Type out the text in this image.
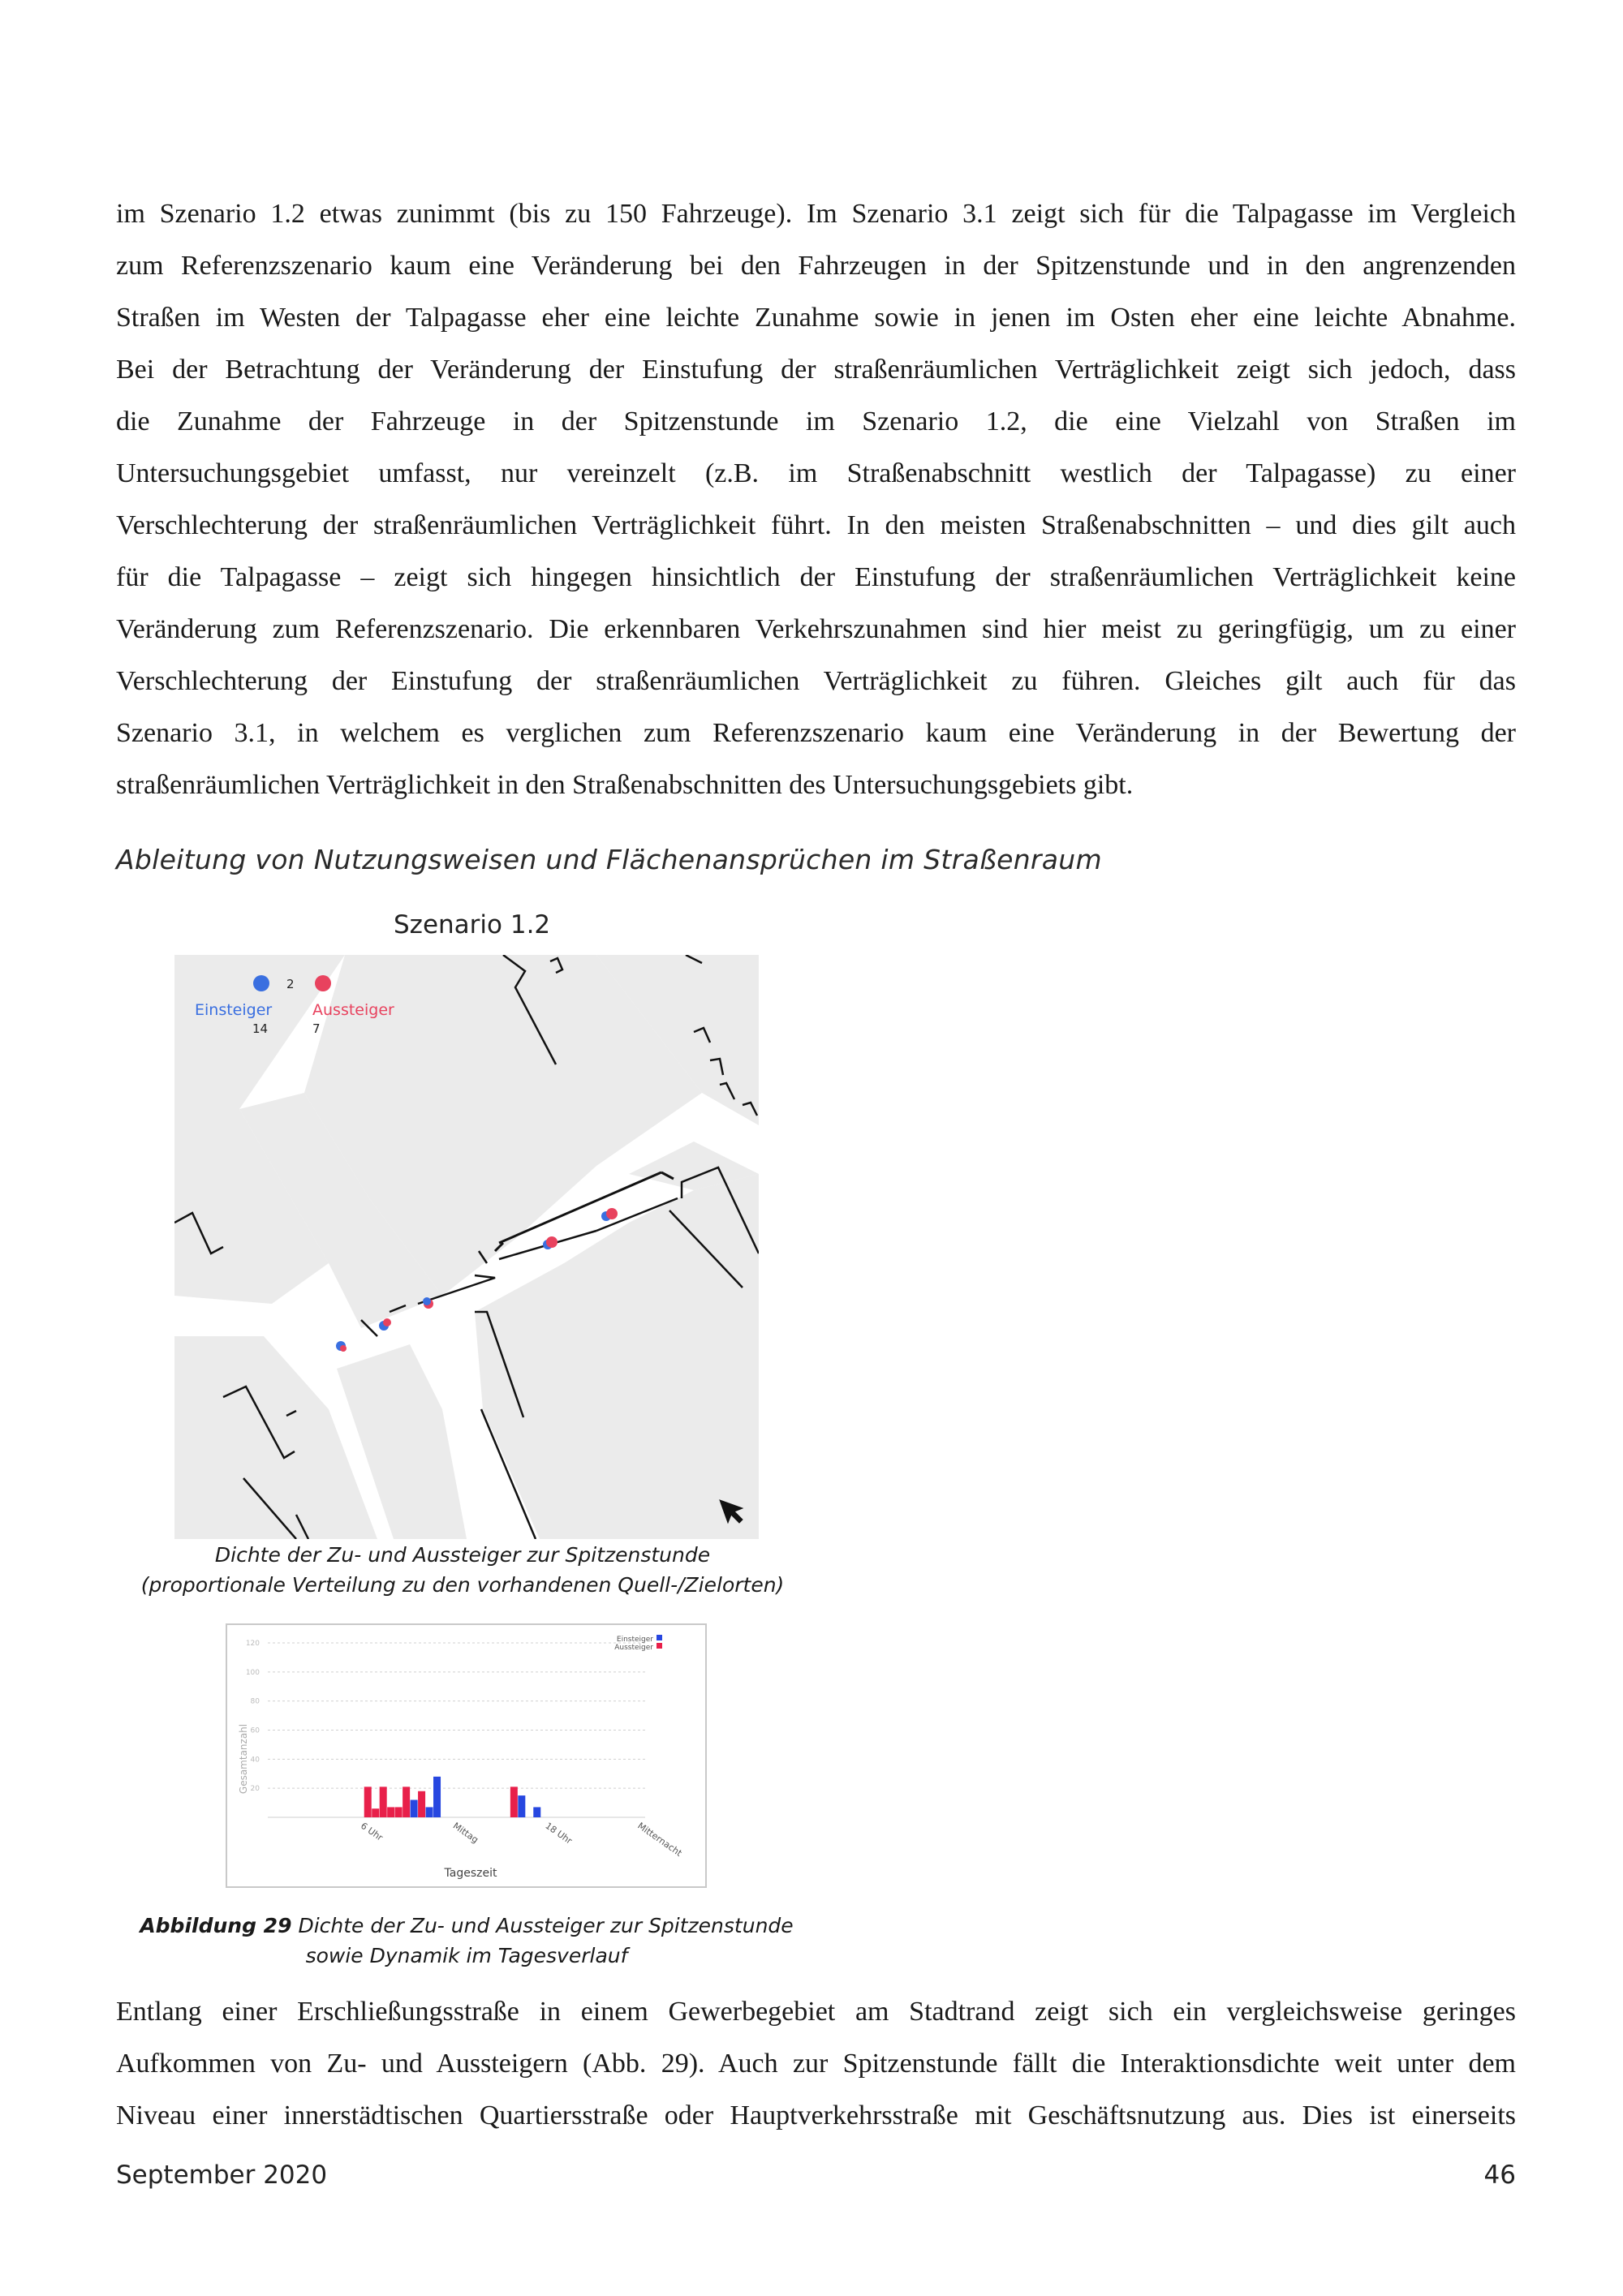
im Szenario 1.2 etwas zunimmt (bis zu 150 Fahrzeuge). Im Szenario 3.1 zeigt sich für die Talpagasse im Vergleich
zum Referenzszenario kaum eine Veränderung bei den Fahrzeugen in der Spitzenstunde und in den angrenzenden
Straßen im Westen der Talpagasse eher eine leichte Zunahme sowie in jenen im Osten eher eine leichte Abnahme.
Bei der Betrachtung der Veränderung der Einstufung der straßenräumlichen Verträglichkeit zeigt sich jedoch, dass
die Zunahme der Fahrzeuge in der Spitzenstunde im Szenario 1.2, die eine Vielzahl von Straßen im
Untersuchungsgebiet umfasst, nur vereinzelt (z.B. im Straßenabschnitt westlich der Talpagasse) zu einer
Verschlechterung der straßenräumlichen Verträglichkeit führt. In den meisten Straßenabschnitten – und dies gilt auch
für die Talpagasse – zeigt sich hingegen hinsichtlich der Einstufung der straßenräumlichen Verträglichkeit keine
Veränderung zum Referenzszenario. Die erkennbaren Verkehrszunahmen sind hier meist zu geringfügig, um zu einer
Verschlechterung der Einstufung der straßenräumlichen Verträglichkeit zu führen. Gleiches gilt auch für das
Szenario 3.1, in welchem es verglichen zum Referenzszenario kaum eine Veränderung in der Bewertung der
straßenräumlichen Verträglichkeit in den Straßenabschnitten des Untersuchungsgebiets gibt.

Ableitung von Nutzungsweisen und Flächenansprüchen im Straßenraum
Szenario 1.2
2
Einsteiger
14
Aussteiger
7
Dichte der Zu- und Aussteiger zur Spitzenstunde
(proportionale Verteilung zu den vorhandenen Quell-/Zielorten)
20
40
60
80
100
120
6 Uhr	Mittag	18 Uhr	Mitternacht
Gesamtanzahl
Tageszeit
Einsteiger
Aussteiger
Abbildung 29 Dichte der Zu- und Aussteiger zur Spitzenstunde
sowie Dynamik im Tagesverlauf

Entlang einer Erschließungsstraße in einem Gewerbegebiet am Stadtrand zeigt sich ein vergleichsweise geringes
Aufkommen von Zu- und Aussteigern (Abb. 29). Auch zur Spitzenstunde fällt die Interaktionsdichte weit unter dem
Niveau einer innerstädtischen Quartiersstraße oder Hauptverkehrsstraße mit Geschäftsnutzung aus. Dies ist einerseits

September 2020	46
